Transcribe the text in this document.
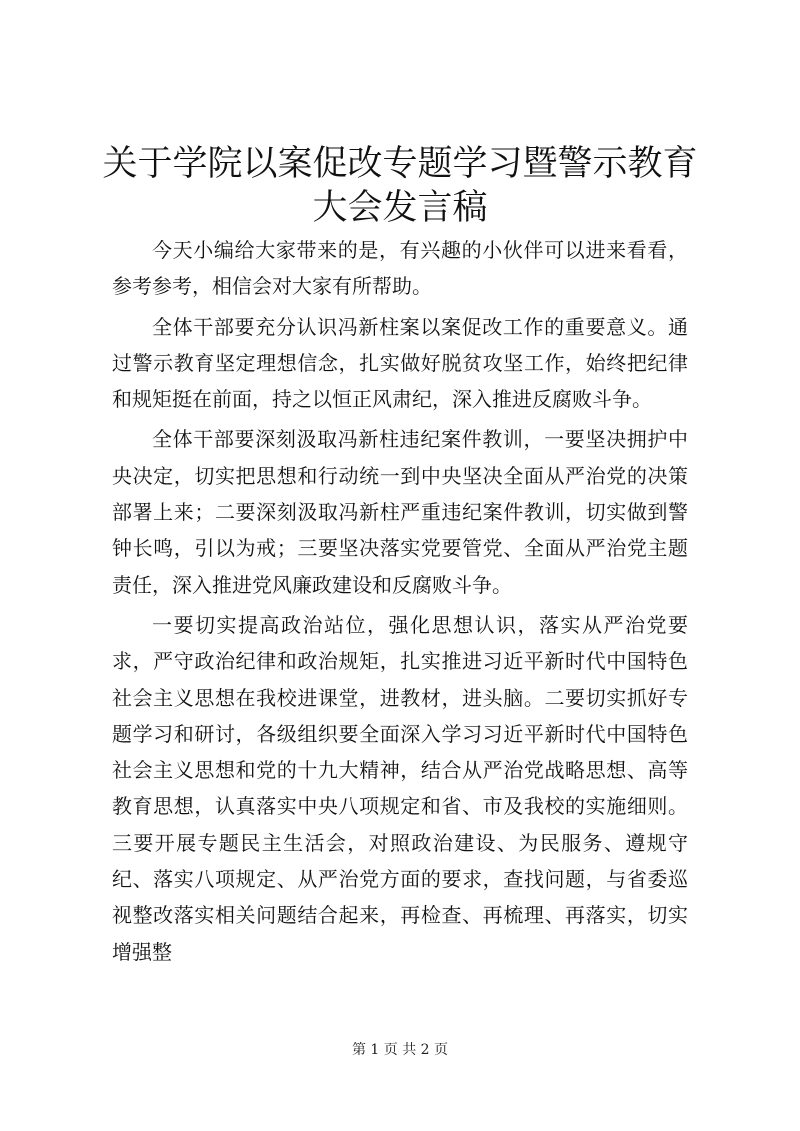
关于学院以案促改专题学习暨警示教育大会发言稿

今天小编给大家带来的是，有兴趣的小伙伴可以进来看看，参考参考，相信会对大家有所帮助。

全体干部要充分认识冯新柱案以案促改工作的重要意义。通过警示教育坚定理想信念，扎实做好脱贫攻坚工作，始终把纪律和规矩挺在前面，持之以恒正风肃纪，深入推进反腐败斗争。

全体干部要深刻汲取冯新柱违纪案件教训，一要坚决拥护中央决定，切实把思想和行动统一到中央坚决全面从严治党的决策部署上来；二要深刻汲取冯新柱严重违纪案件教训，切实做到警钟长鸣，引以为戒；三要坚决落实党要管党、全面从严治党主题责任，深入推进党风廉政建设和反腐败斗争。

一要切实提高政治站位，强化思想认识，落实从严治党要求，严守政治纪律和政治规矩，扎实推进习近平新时代中国特色社会主义思想在我校进课堂，进教材，进头脑。二要切实抓好专题学习和研讨，各级组织要全面深入学习习近平新时代中国特色社会主义思想和党的十九大精神，结合从严治党战略思想、高等教育思想，认真落实中央八项规定和省、市及我校的实施细则。三要开展专题民主生活会，对照政治建设、为民服务、遵规守纪、落实八项规定、从严治党方面的要求，查找问题，与省委巡视整改落实相关问题结合起来，再检查、再梳理、再落实，切实增强整

第 1 页 共 2 页
